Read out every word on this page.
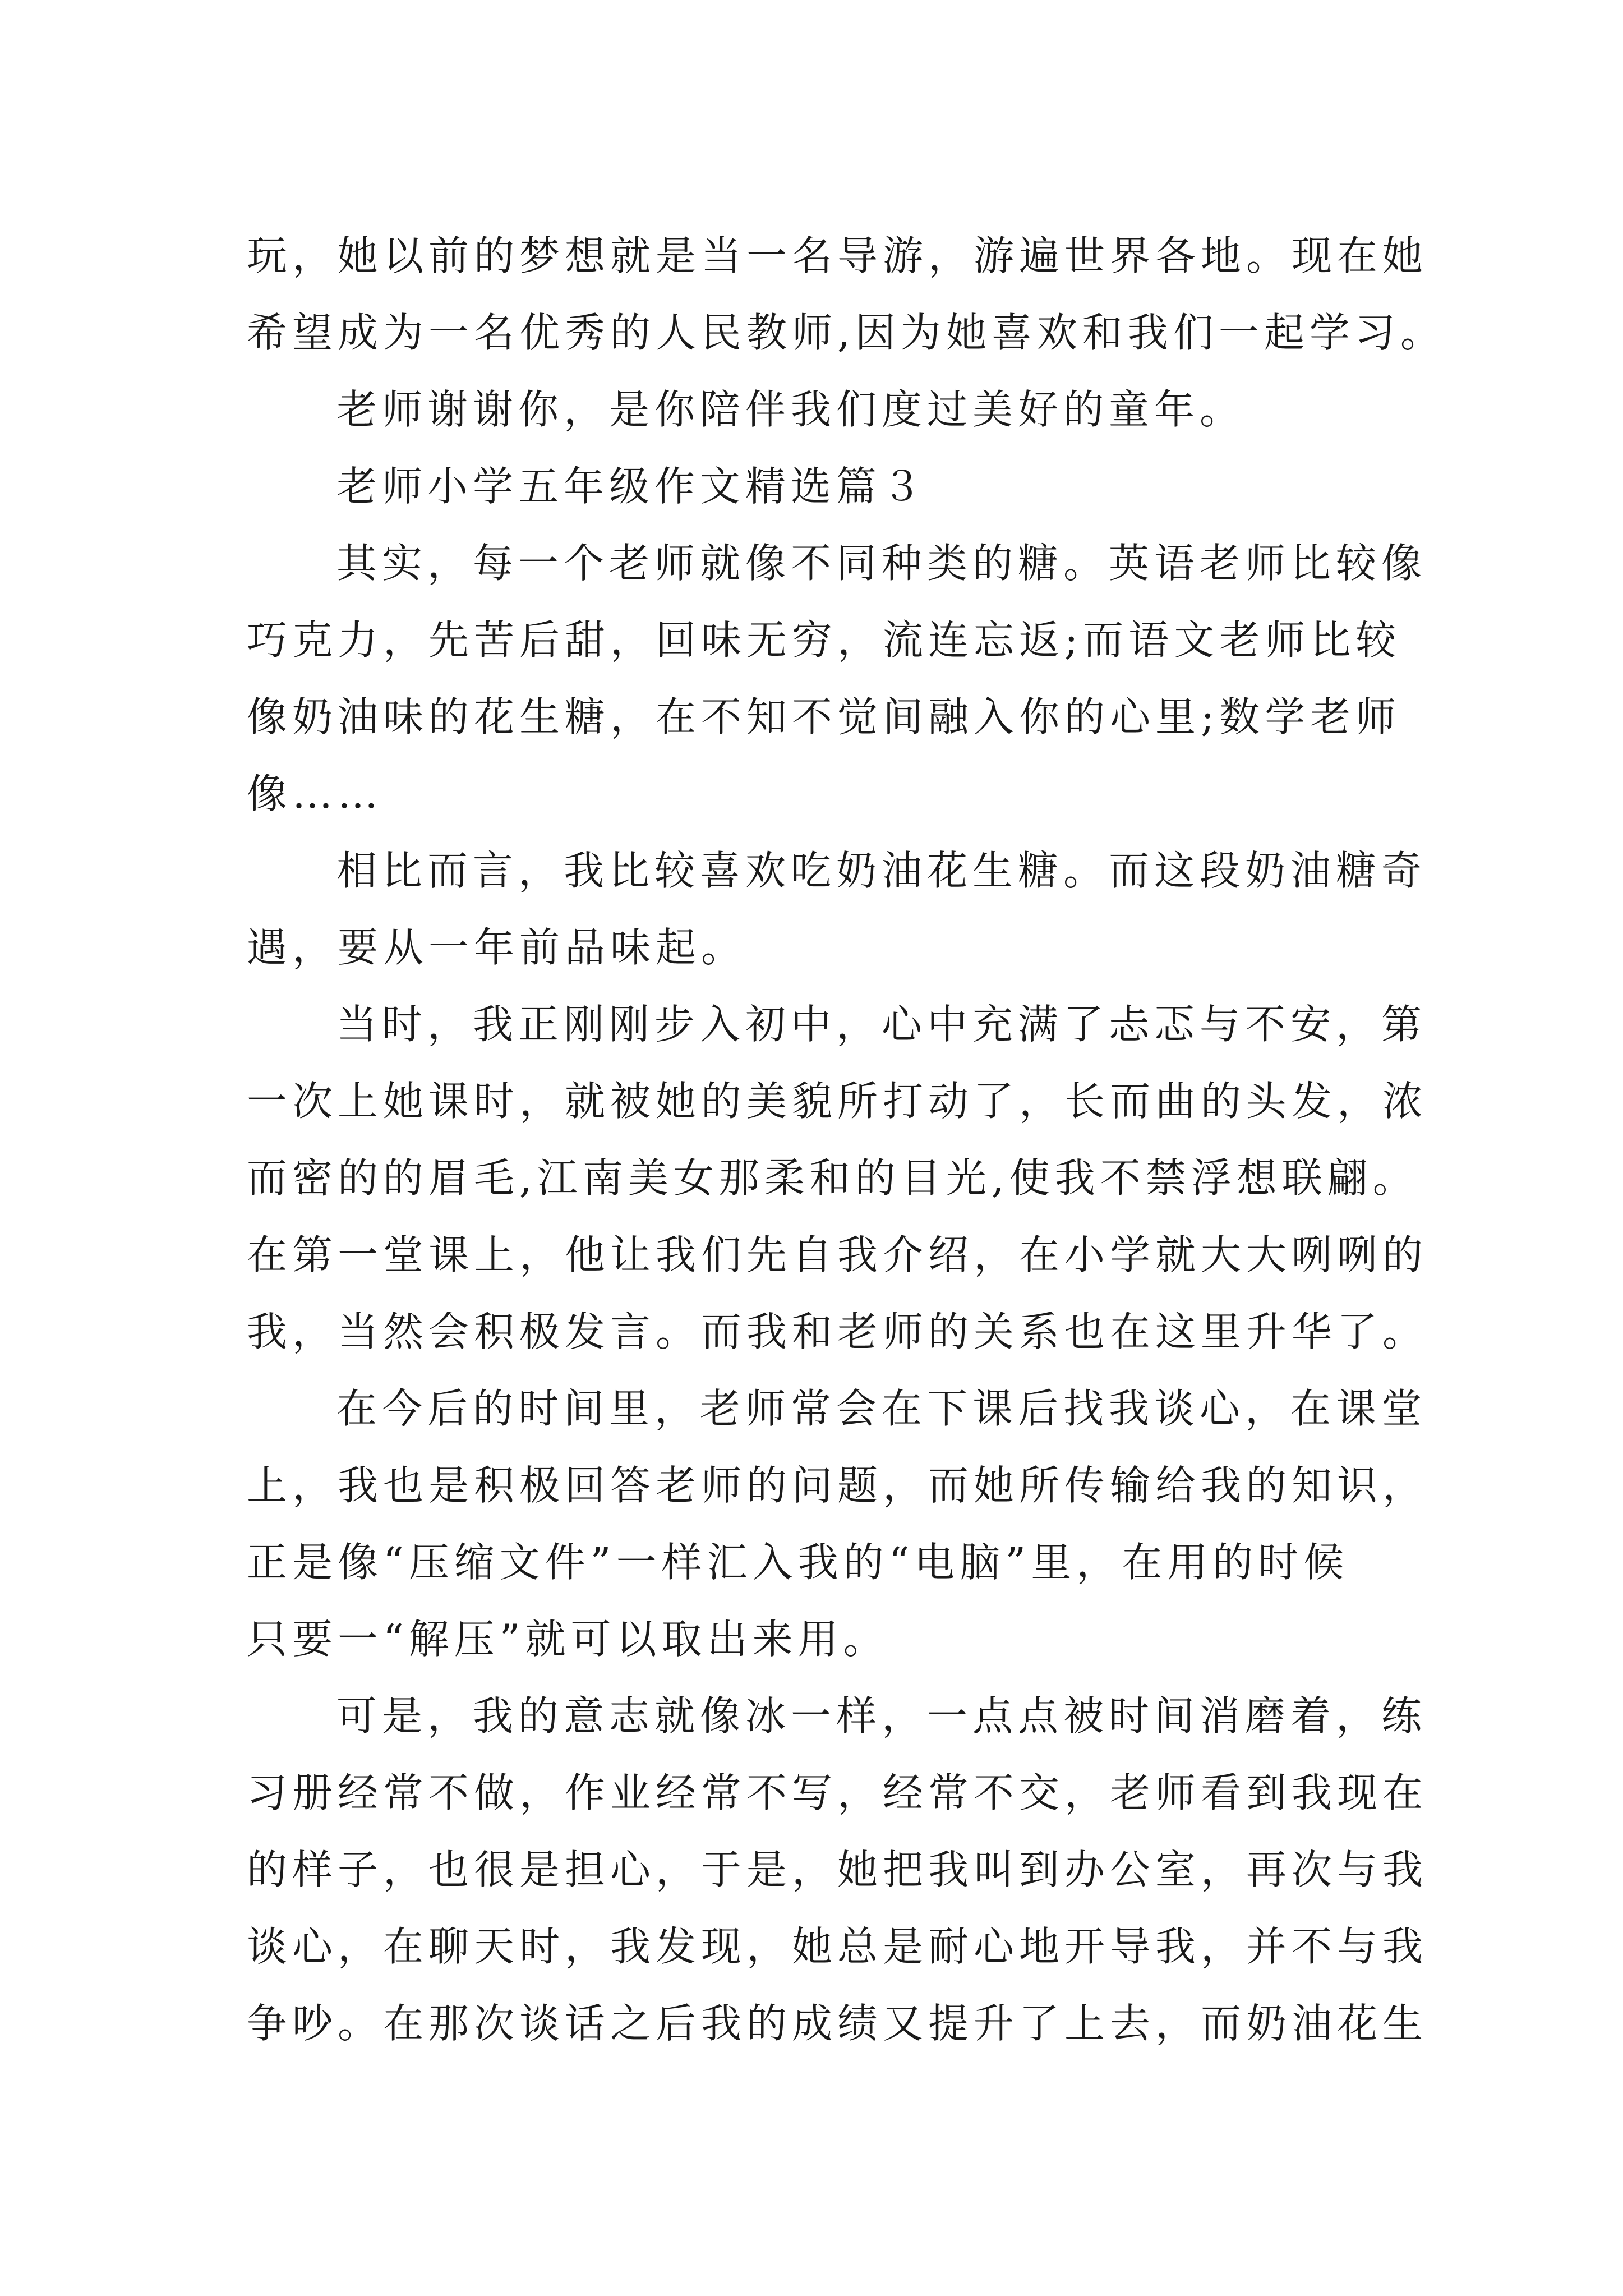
玩，她以前的梦想就是当一名导游，游遍世界各地。现在她
希望成为一名优秀的人民教师,因为她喜欢和我们一起学习。
老师谢谢你，是你陪伴我们度过美好的童年。
老师小学五年级作文精选篇３
其实，每一个老师就像不同种类的糖。英语老师比较像
巧克力，先苦后甜，回味无穷，流连忘返;而语文老师比较
像奶油味的花生糖，在不知不觉间融入你的心里;数学老师
像……
相比而言，我比较喜欢吃奶油花生糖。而这段奶油糖奇
遇，要从一年前品味起。
当时，我正刚刚步入初中，心中充满了忐忑与不安，第
一次上她课时，就被她的美貌所打动了，长而曲的头发，浓
而密的的眉毛,江南美女那柔和的目光,使我不禁浮想联翩。
在第一堂课上，他让我们先自我介绍，在小学就大大咧咧的
我，当然会积极发言。而我和老师的关系也在这里升华了。
在今后的时间里，老师常会在下课后找我谈心，在课堂
上，我也是积极回答老师的问题，而她所传输给我的知识，
正是像“压缩文件”一样汇入我的“电脑”里，在用的时候
只要一“解压”就可以取出来用。
可是，我的意志就像冰一样，一点点被时间消磨着，练
习册经常不做，作业经常不写，经常不交，老师看到我现在
的样子，也很是担心，于是，她把我叫到办公室，再次与我
谈心，在聊天时，我发现，她总是耐心地开导我，并不与我
争吵。在那次谈话之后我的成绩又提升了上去，而奶油花生
